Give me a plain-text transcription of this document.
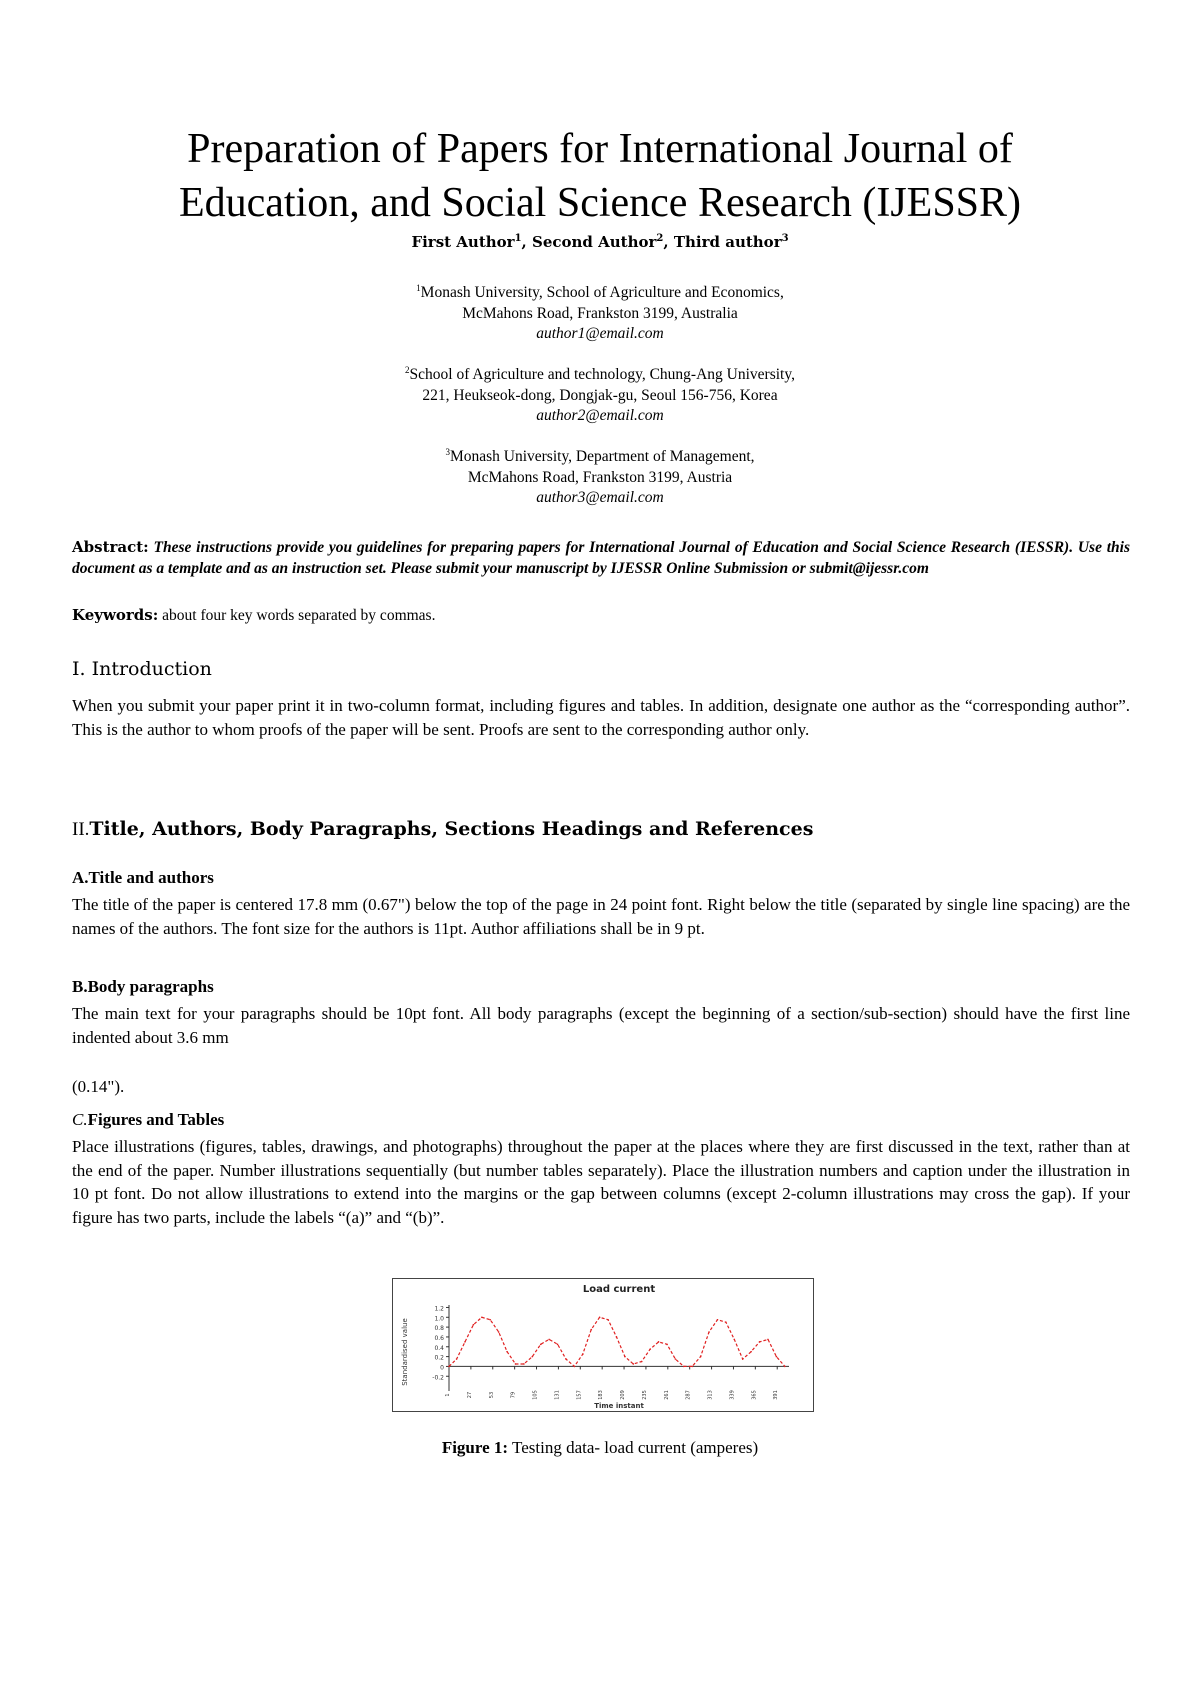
Preparation of Papers for International Journal of
Education, and Social Science Research (IJESSR)
First Author$^1$, Second Author$^2$, Third author$^3$
$^1$Monash University, School of Agriculture and Economics,
McMahons Road, Frankston 3199, Australia
author1@email.com
$^2$School of Agriculture and technology, Chung-Ang University,
221, Heukseok-dong, Dongjak-gu, Seoul 156-756, Korea
author2@email.com
$^3$Monash University, Department of Management,
McMahons Road, Frankston 3199, Austria
author3@email.com
Abstract: These instructions provide you guidelines for preparing papers for International Journal of Education and Social Science Research (IESSR). Use this document as a template and as an instruction set. Please submit your manuscript by IJESSR Online Submission or submit@ijessr.com
Keywords: about four key words separated by commas.
I. Introduction
When you submit your paper print it in two-column format, including figures and tables. In addition, designate one author as the “corresponding author”. This is the author to whom proofs of the paper will be sent. Proofs are sent to the corresponding author only.
II.Title, Authors, Body Paragraphs, Sections Headings and References
A.Title and authors
The title of the paper is centered 17.8 mm (0.67") below the top of the page in 24 point font. Right below the title (separated by single line spacing) are the names of the authors. The font size for the authors is 11pt. Author affiliations shall be in 9 pt.
B.Body paragraphs
The main text for your paragraphs should be 10pt font. All body paragraphs (except the beginning of a section/sub-section) should have the first line indented about 3.6 mm
(0.14").
C.Figures and Tables
Place illustrations (figures, tables, drawings, and photographs) throughout the paper at the places where they are first discussed in the text, rather than at the end of the paper. Number illustrations sequentially (but number tables separately). Place the illustration numbers and caption under the illustration in 10 pt font. Do not allow illustrations to extend into the margins or the gap between columns (except 2-column illustrations may cross the gap). If your figure has two parts, include the labels “(a)” and “(b)”.
Load current
1.2
1.0
0.8
0.6
0.4
0.2
0
-0.2
Standardised value
1	27	53	79	105	131	157	183	209	235	261	287	313	339	365	391
Time instant
Figure 1: Testing data- load current (amperes)
